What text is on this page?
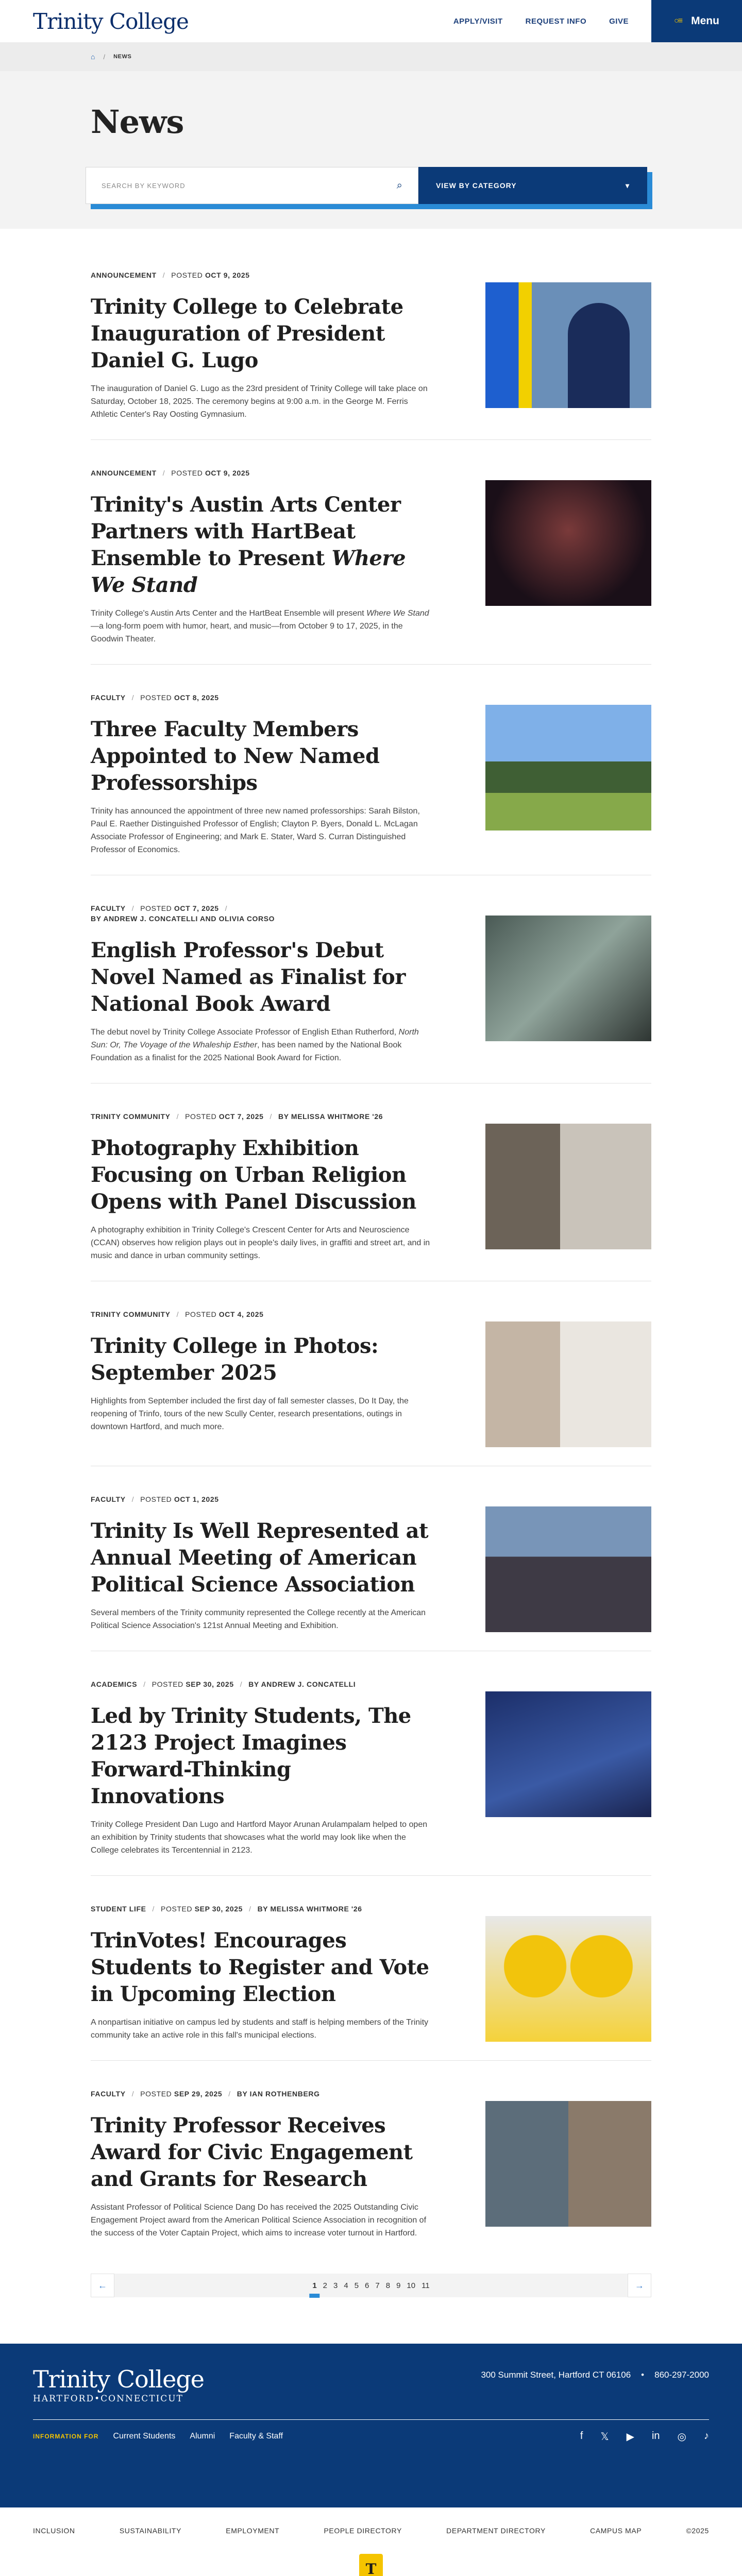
Trinity College	APPLY/VISIT	REQUEST INFO	GIVE	○≡ Menu
⌂ / NEWS
News
SEARCH BY KEYWORD
⌕	VIEW BY CATEGORY	▾
ANNOUNCEMENT / POSTED OCT 9, 2025
Trinity College to Celebrate Inauguration of President Daniel G. Lugo

The inauguration of Daniel G. Lugo as the 23rd president of Trinity College will take place on Saturday, October 18, 2025. The ceremony begins at 9:00 a.m. in the George M. Ferris Athletic Center's Ray Oosting Gymnasium.

ANNOUNCEMENT / POSTED OCT 9, 2025
Trinity's Austin Arts Center Partners with HartBeat Ensemble to Present Where We Stand

Trinity College's Austin Arts Center and the HartBeat Ensemble will present Where We Stand—a long-form poem with humor, heart, and music—from October 9 to 17, 2025, in the Goodwin Theater.

FACULTY / POSTED OCT 8, 2025
Three Faculty Members Appointed to New Named Professorships

Trinity has announced the appointment of three new named professorships: Sarah Bilston, Paul E. Raether Distinguished Professor of English; Clayton P. Byers, Donald L. McLagan Associate Professor of Engineering; and Mark E. Stater, Ward S. Curran Distinguished Professor of Economics.

FACULTY / POSTED OCT 7, 2025 /
BY ANDREW J. CONCATELLI AND OLIVIA CORSO
English Professor's Debut Novel Named as Finalist for National Book Award

The debut novel by Trinity College Associate Professor of English Ethan Rutherford, North Sun: Or, The Voyage of the Whaleship Esther, has been named by the National Book Foundation as a finalist for the 2025 National Book Award for Fiction.

TRINITY COMMUNITY / POSTED OCT 7, 2025 / BY MELISSA WHITMORE '26
Photography Exhibition Focusing on Urban Religion Opens with Panel Discussion

A photography exhibition in Trinity College's Crescent Center for Arts and Neuroscience (CCAN) observes how religion plays out in people's daily lives, in graffiti and street art, and in music and dance in urban community settings.

TRINITY COMMUNITY / POSTED OCT 4, 2025
Trinity College in Photos: September 2025

Highlights from September included the first day of fall semester classes, Do It Day, the reopening of Trinfo, tours of the new Scully Center, research presentations, outings in downtown Hartford, and much more.

FACULTY / POSTED OCT 1, 2025
Trinity Is Well Represented at Annual Meeting of American Political Science Association

Several members of the Trinity community represented the College recently at the American Political Science Association's 121st Annual Meeting and Exhibition.

ACADEMICS / POSTED SEP 30, 2025 / BY ANDREW J. CONCATELLI
Led by Trinity Students, The 2123 Project Imagines Forward-Thinking Innovations

Trinity College President Dan Lugo and Hartford Mayor Arunan Arulampalam helped to open an exhibition by Trinity students that showcases what the world may look like when the College celebrates its Tercentennial in 2123.

STUDENT LIFE / POSTED SEP 30, 2025 / BY MELISSA WHITMORE '26
TrinVotes! Encourages Students to Register and Vote in Upcoming Election

A nonpartisan initiative on campus led by students and staff is helping members of the Trinity community take an active role in this fall's municipal elections.

FACULTY / POSTED SEP 29, 2025 / BY IAN ROTHENBERG
Trinity Professor Receives Award for Civic Engagement and Grants for Research

Assistant Professor of Political Science Dang Do has received the 2025 Outstanding Civic Engagement Project award from the American Political Science Association in recognition of the success of the Voter Captain Project, which aims to increase voter turnout in Hartford.

←	1 2 3 4 5 6 7 8 9 10 11	→
Trinity College
HARTFORD•CONNECTICUT
300 Summit Street, Hartford CT 06106 • 860-297-2000
INFORMATION FOR Current Students Alumni Faculty & Staff	f 𝕏 ▶ in ◎ ♪
INCLUSION	SUSTAINABILITY	EMPLOYMENT	PEOPLE DIRECTORY	DEPARTMENT DIRECTORY	CAMPUS MAP	©2025
T
